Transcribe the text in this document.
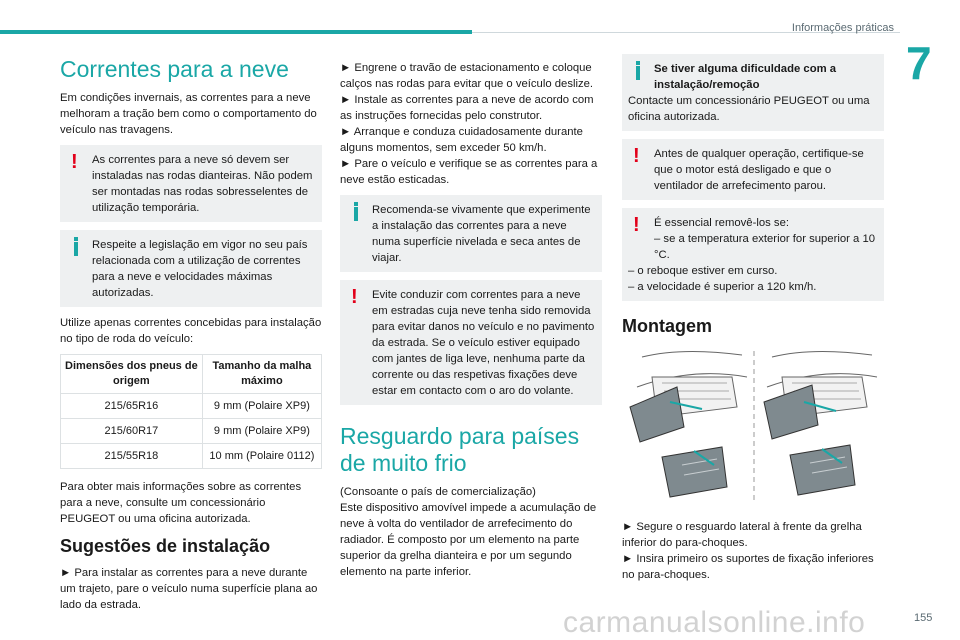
Informações práticas
7
Correntes para a neve

Em condições invernais, as correntes para a neve melhoram a tração bem como o comportamento do veículo nas travagens.

!	As correntes para a neve só devem ser instaladas nas rodas dianteiras. Não podem ser montadas nas rodas sobresselentes de utilização temporária.
Respeite a legislação em vigor no seu país relacionada com a utilização de correntes para a neve e velocidades máximas autorizadas.

Utilize apenas correntes concebidas para instalação no tipo de roda do veículo:

Dimensões dos pneus de origem	Tamanho da malha máximo
215/65R16	9 mm (Polaire XP9)
215/60R17	9 mm (Polaire XP9)
215/55R18	10 mm (Polaire 0112)

Para obter mais informações sobre as correntes para a neve, consulte um concessionário PEUGEOT ou uma oficina autorizada.

Sugestões de instalação

► Para instalar as correntes para a neve durante um trajeto, pare o veículo numa superfície plana ao lado da estrada.

► Engrene o travão de estacionamento e coloque calços nas rodas para evitar que o veículo deslize.
► Instale as correntes para a neve de acordo com as instruções fornecidas pelo construtor.
► Arranque e conduza cuidadosamente durante alguns momentos, sem exceder 50 km/h.
► Pare o veículo e verifique se as correntes para a neve estão esticadas.
Recomenda-se vivamente que experimente a instalação das correntes para a neve numa superfície nivelada e seca antes de viajar.
!	Evite conduzir com correntes para a neve em estradas cuja neve tenha sido removida para evitar danos no veículo e no pavimento da estrada. Se o veículo estiver equipado com jantes de liga leve, nenhuma parte da corrente ou das respetivas fixações deve estar em contacto com o aro do volante.
Resguardo para países de muito frio

(Consoante o país de comercialização)

Este dispositivo amovível impede a acumulação de neve à volta do ventilador de arrefecimento do radiador. É composto por um elemento na parte superior da grelha dianteira e por um segundo elemento na parte inferior.

Se tiver alguma dificuldade com a instalação/remoção
Contacte um concessionário PEUGEOT ou uma oficina autorizada.
!	Antes de qualquer operação, certifique-se que o motor está desligado e que o ventilador de arrefecimento parou.
!	É essencial removê-los se:
– se a temperatura exterior for superior a 10 °C.
– o reboque estiver em curso.
– a velocidade é superior a 120 km/h.
Montagem
► Segure o resguardo lateral à frente da grelha inferior do para-choques.
► Insira primeiro os suportes de fixação inferiores no para-choques.
carmanualsonline.info	155
